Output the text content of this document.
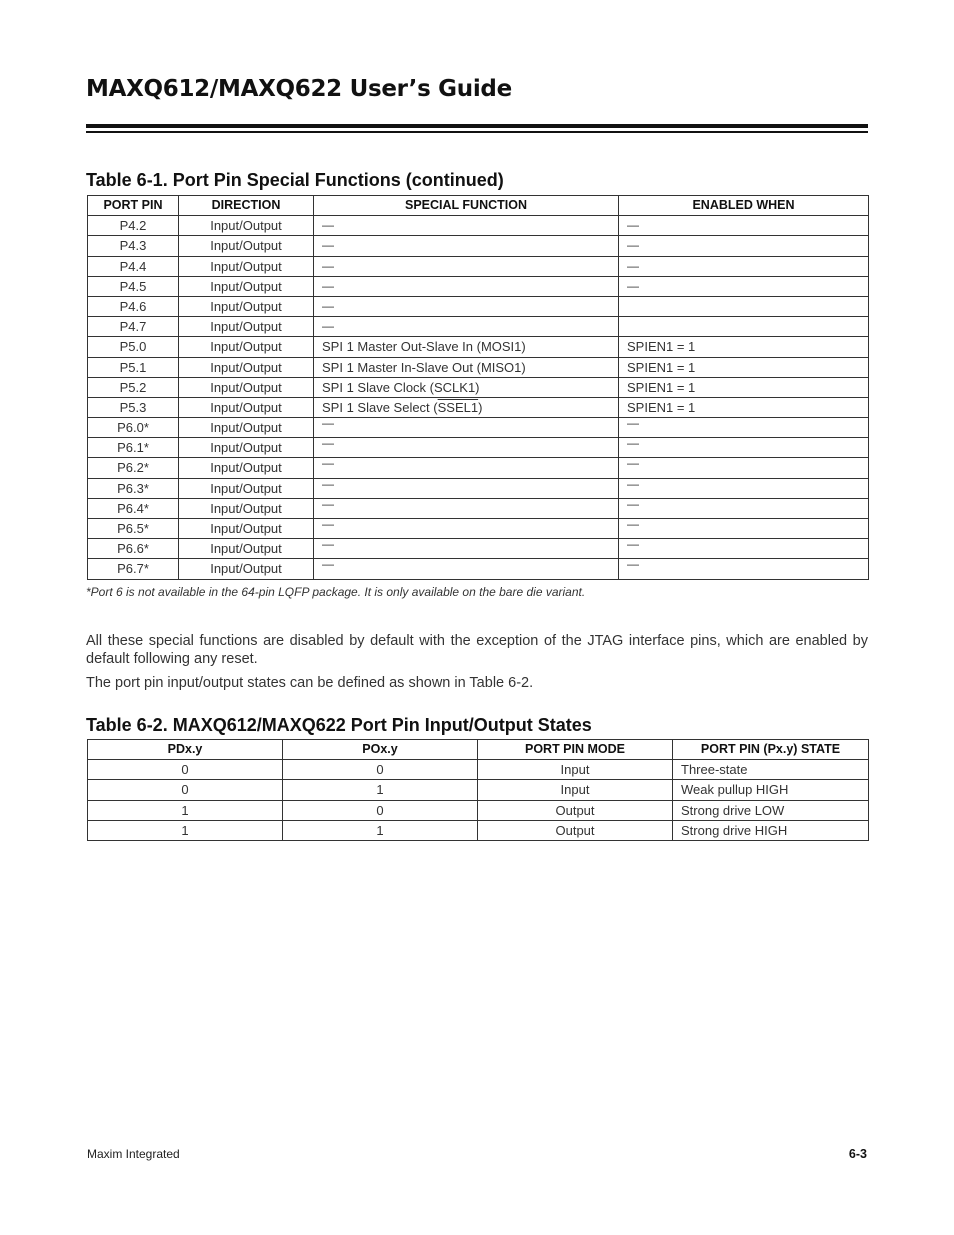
MAXQ612/MAXQ622 User’s Guide
Table 6-1. Port Pin Special Functions (continued)
PORT PIN	DIRECTION	SPECIAL FUNCTION	ENABLED WHEN
P4.2	Input/Output	—	—
P4.3	Input/Output	—	—
P4.4	Input/Output	—	—
P4.5	Input/Output	—	—
P4.6	Input/Output	—	
P4.7	Input/Output	—	
P5.0	Input/Output	SPI 1 Master Out-Slave In (MOSI1)	SPIEN1 = 1
P5.1	Input/Output	SPI 1 Master In-Slave Out (MISO1)	SPIEN1 = 1
P5.2	Input/Output	SPI 1 Slave Clock (SCLK1)	SPIEN1 = 1
P5.3	Input/Output	SPI 1 Slave Select (SSEL1)	SPIEN1 = 1
P6.0*	Input/Output	—	—
P6.1*	Input/Output	—	—
P6.2*	Input/Output	—	—
P6.3*	Input/Output	—	—
P6.4*	Input/Output	—	—
P6.5*	Input/Output	—	—
P6.6*	Input/Output	—	—
P6.7*	Input/Output	—	—
*Port 6 is not available in the 64-pin LQFP package. It is only available on the bare die variant.

All these special functions are disabled by default with the exception of the JTAG interface pins, which are enabled by default following any reset.

The port pin input/output states can be defined as shown in Table 6-2.

Table 6-2. MAXQ612/MAXQ622 Port Pin Input/Output States
PDx.y	POx.y	PORT PIN MODE	PORT PIN (Px.y) STATE
0	0	Input	Three-state
0	1	Input	Weak pullup HIGH
1	0	Output	Strong drive LOW
1	1	Output	Strong drive HIGH
Maxim Integrated	6-3
